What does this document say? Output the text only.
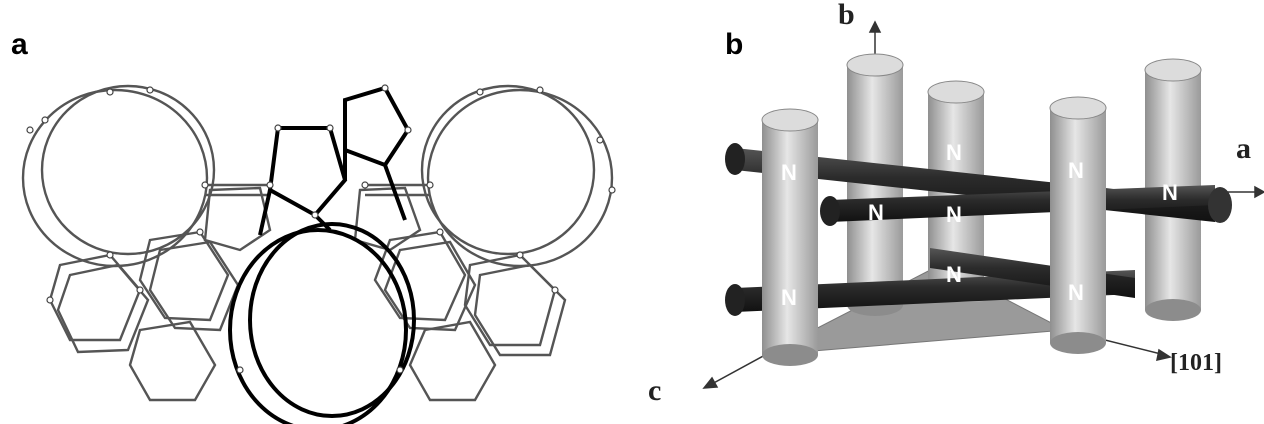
a
N
N
N
N
N
N
N
N	N
b
b
a
c
[101]
